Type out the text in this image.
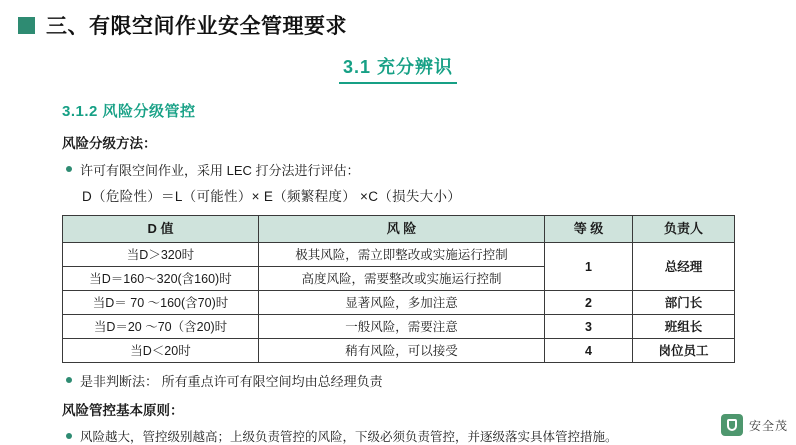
三、有限空间作业安全管理要求
3.1 充分辨识
3.1.2 风险分级管控
风险分级方法：
许可有限空间作业，采用 LEC 打分法进行评估：
D（危险性）＝L（可能性）× E（频繁程度） ×C（损失大小）
D 值	风 险	等 级	负责人
当D＞320时	极其风险，需立即整改或实施运行控制	1	总经理
当D＝160～320(含160)时	高度风险，需要整改或实施运行控制		
当D＝ 70 ～160(含70)时	显著风险，多加注意	2	部门长
当D＝20 ～70（含20)时	一般风险，需要注意	3	班组长
当D＜20时	稍有风险，可以接受	4	岗位员工
是非判断法： 所有重点许可有限空间均由总经理负责
风险管控基本原则：
风险越大，管控级别越高；上级负责管控的风险，下级必须负责管控，并逐级落实具体管控措施。
安全茂
